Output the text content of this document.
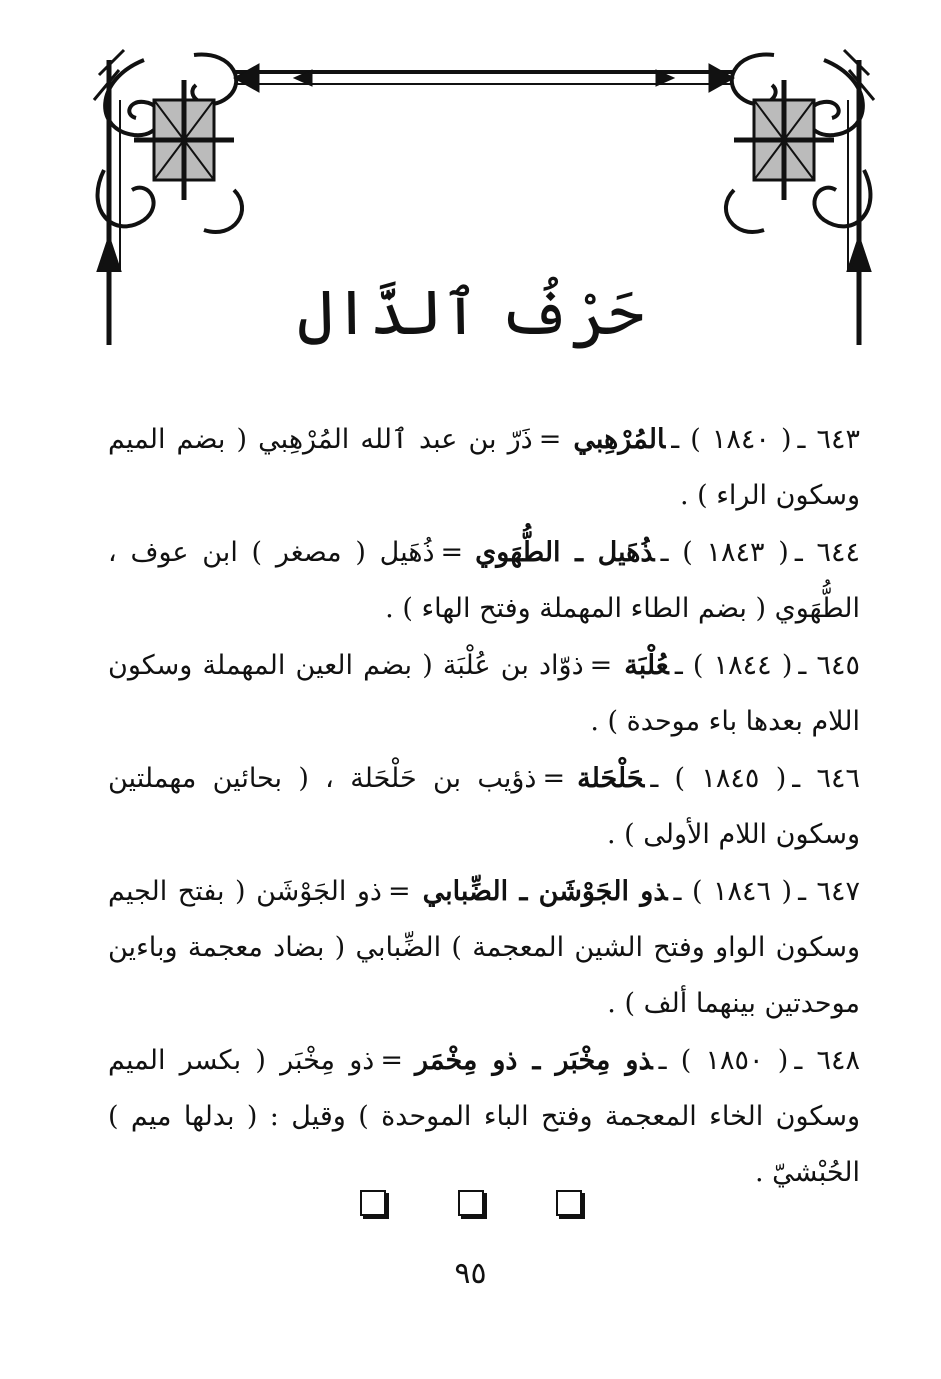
حَرْفُ ٱلذَّال

٦٤٣ ـ( ١٨٤٠ ) ـالمُرْهِبي=ذَرّ بن عبد ٱلله المُرْهِبي ( بضم الميم وسكون الراء ) .

٦٤٤ ـ( ١٨٤٣ ) ـذُهَيل ـ الطُّهَوي=ذُهَيل ( مصغر ) ابن عوف ، الطُّهَوي ( بضم الطاء المهملة وفتح الهاء ) .

٦٤٥ ـ( ١٨٤٤ ) ـعُلْبَة=ذوّاد بن عُلْبَة ( بضم العين المهملة وسكون اللام بعدها باء موحدة ) .

٦٤٦ ـ( ١٨٤٥ ) ـحَلْحَلة=ذؤيب بن حَلْحَلة ، ( بحائين مهملتين وسكون اللام الأولى ) .

٦٤٧ ـ( ١٨٤٦ ) ـذو الجَوْشَن ـ الضِّبابي=ذو الجَوْشَن ( بفتح الجيم وسكون الواو وفتح الشين المعجمة ) الضِّبابي ( بضاد معجمة وباءين موحدتين بينهما ألف ) .

٦٤٨ ـ( ١٨٥٠ ) ـذو مِخْبَر ـ ذو مِخْمَر=ذو مِخْبَر ( بكسر الميم وسكون الخاء المعجمة وفتح الباء الموحدة ) وقيل : ( بدلها ميم ) الحُبْشيّ .

٩٥
